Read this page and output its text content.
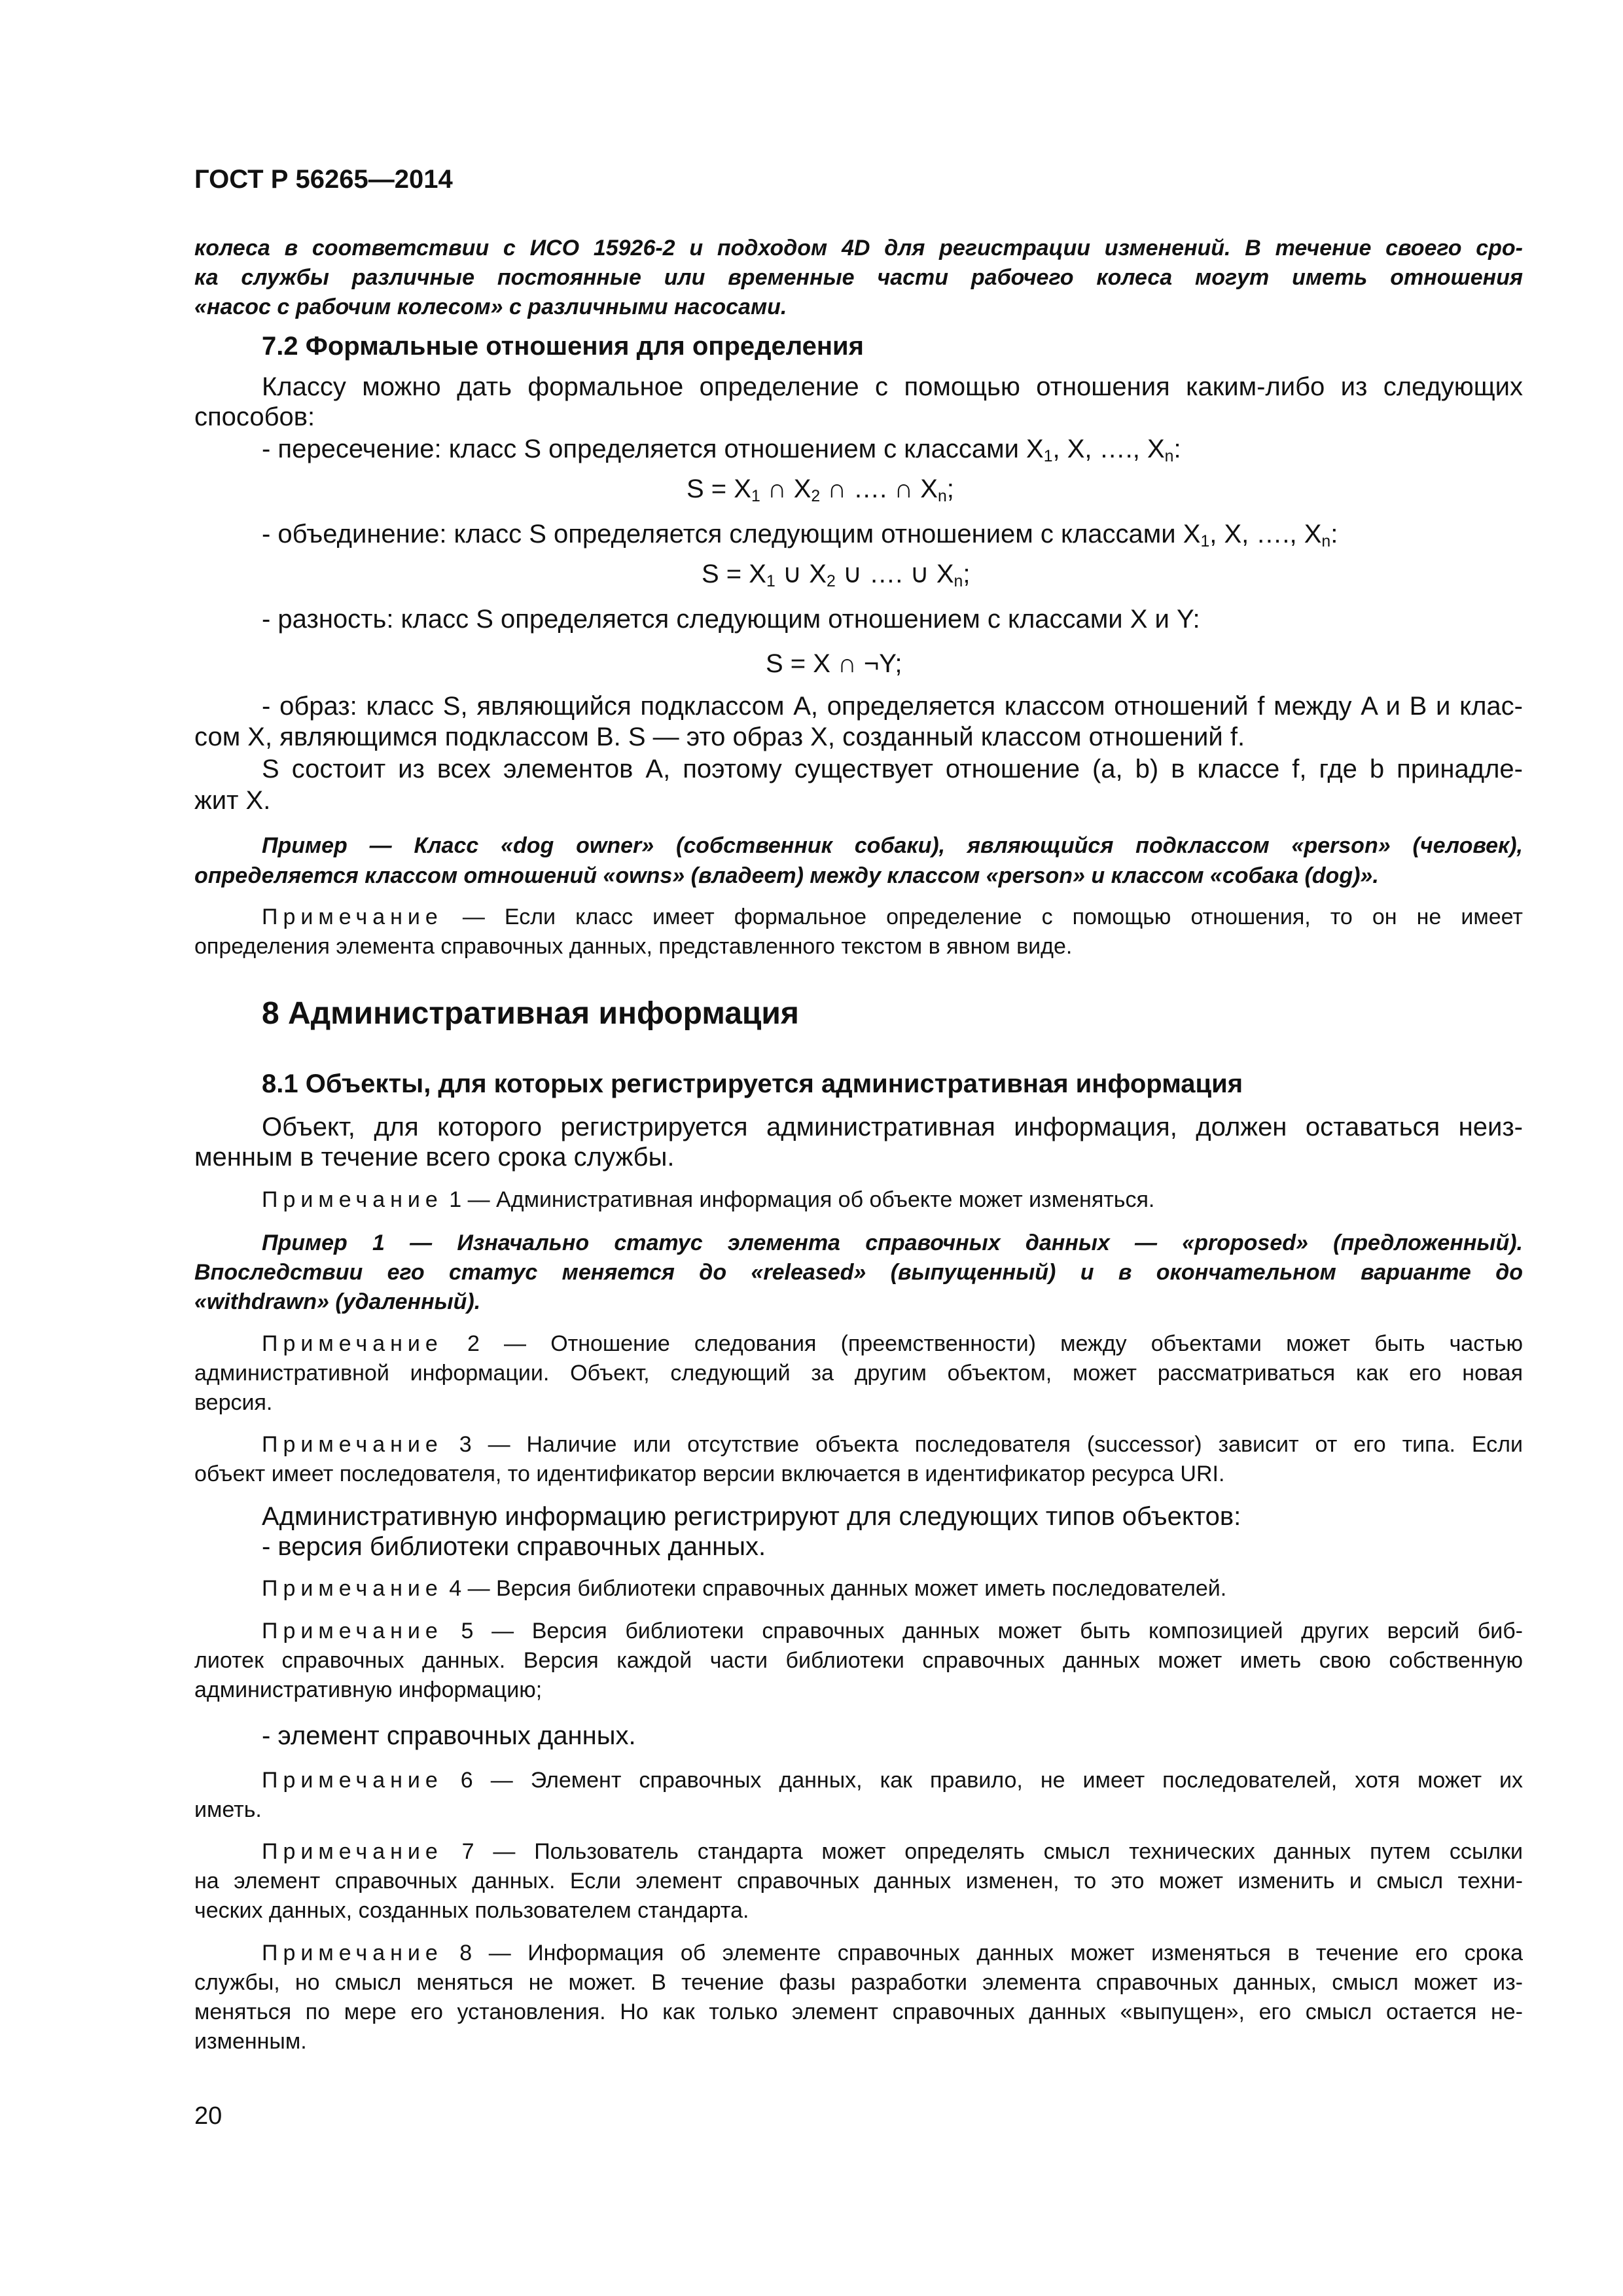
ГОСТ Р 56265—2014
колеса в соответствии с ИСО 15926-2 и подходом 4D для регистрации изменений. В течение своего сро-
ка службы различные постоянные или временные части рабочего колеса могут иметь отношения
«насос с рабочим колесом» с различными насосами.
7.2 Формальные отношения для определения
Классу можно дать формальное определение с помощью отношения каким-либо из следующих
способов:
- пересечение: класс S определяется отношением с классами $X_1$, X, …., $X_n$:
$S = X_1$ ∩ $X_2$ ∩ …. ∩ $X_n$;
- объединение: класс S определяется следующим отношением с классами $X_1$, X, …., $X_n$:
$S = X_1$ ∪ $X_2$ ∪ …. ∪ $X_n$;
- разность: класс S определяется следующим отношением с классами X и Y:
S = X ∩ ¬Y;
- образ: класс S, являющийся подклассом A, определяется классом отношений f между A и B и клас-
сом X, являющимся подклассом B. S — это образ X, созданный классом отношений f.
S состоит из всех элементов A, поэтому существует отношение (a, b) в классе f, где b принадле-
жит X.
Пример — Класс «dog owner» (собственник собаки), являющийся подклассом «person» (человек),
определяется классом отношений «owns» (владеет) между классом «person» и классом «собака (dog)».
Примечание — Если класс имеет формальное определение с помощью отношения, то он не имеет
определения элемента справочных данных, представленного текстом в явном виде.
8 Административная информация
8.1 Объекты, для которых регистрируется административная информация
Объект, для которого регистрируется административная информация, должен оставаться неиз-
менным в течение всего срока службы.
Примечание 1 — Административная информация об объекте может изменяться.
Пример 1 — Изначально статус элемента справочных данных — «proposed» (предложенный).
Впоследствии его статус меняется до «released» (выпущенный) и в окончательном варианте до
«withdrawn» (удаленный).
Примечание 2 — Отношение следования (преемственности) между объектами может быть частью
административной информации. Объект, следующий за другим объектом, может рассматриваться как его новая
версия.
Примечание 3 — Наличие или отсутствие объекта последователя (successor) зависит от его типа. Если
объект имеет последователя, то идентификатор версии включается в идентификатор ресурса URI.
Административную информацию регистрируют для следующих типов объектов:
- версия библиотеки справочных данных.
Примечание 4 — Версия библиотеки справочных данных может иметь последователей.
Примечание 5 — Версия библиотеки справочных данных может быть композицией других версий биб-
лиотек справочных данных. Версия каждой части библиотеки справочных данных может иметь свою собственную
административную информацию;
- элемент справочных данных.
Примечание 6 — Элемент справочных данных, как правило, не имеет последователей, хотя может их
иметь.
Примечание 7 — Пользователь стандарта может определять смысл технических данных путем ссылки
на элемент справочных данных. Если элемент справочных данных изменен, то это может изменить и смысл техни-
ческих данных, созданных пользователем стандарта.
Примечание 8 — Информация об элементе справочных данных может изменяться в течение его срока
службы, но смысл меняться не может. В течение фазы разработки элемента справочных данных, смысл может из-
меняться по мере его установления. Но как только элемент справочных данных «выпущен», его смысл остается не-
изменным.
20
